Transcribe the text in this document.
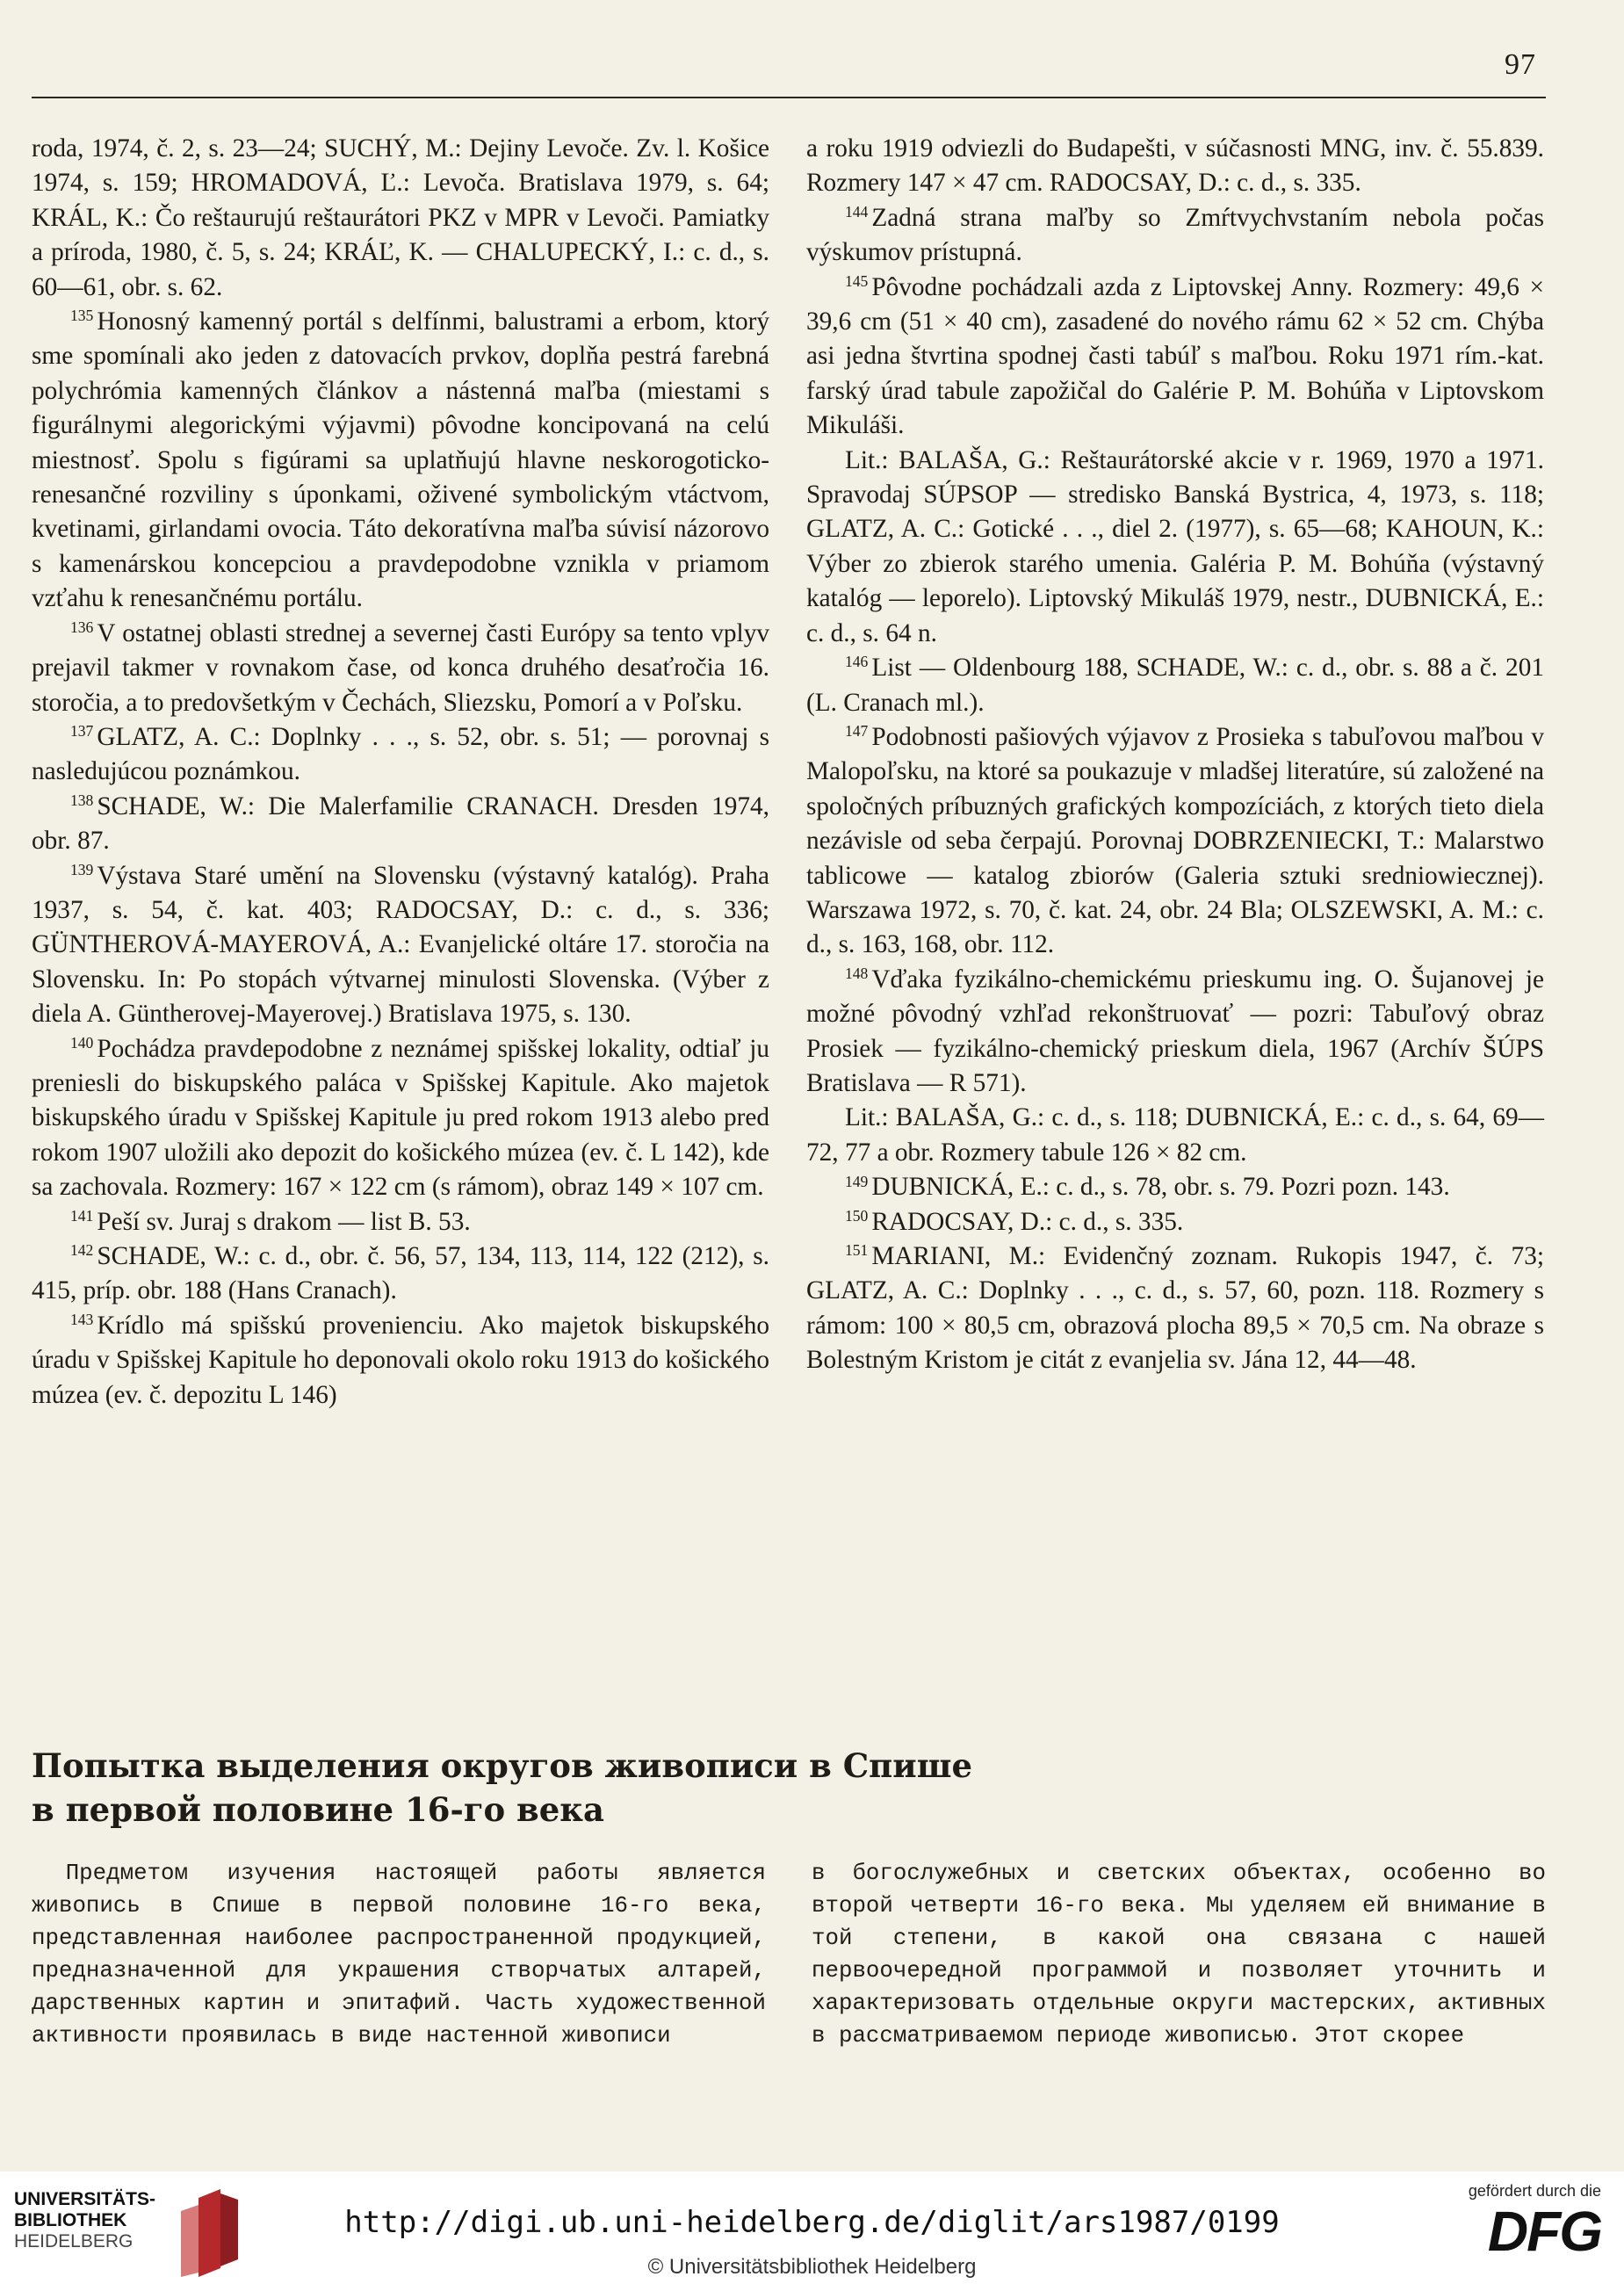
97

roda, 1974, č. 2, s. 23—24; SUCHÝ, M.: Dejiny Levoče. Zv. l. Košice 1974, s. 159; HROMADOVÁ, Ľ.: Levoča. Bratislava 1979, s. 64; KRÁL, K.: Čo reštaurujú reštaurátori PKZ v MPR v Levoči. Pamiatky a príroda, 1980, č. 5, s. 24; KRÁĽ, K. — CHALUPECKÝ, I.: c. d., s. 60—61, obr. s. 62.

$^{135}$ Honosný kamenný portál s delfínmi, balustrami a erbom, ktorý sme spomínali ako jeden z datovacích prvkov, doplňa pestrá farebná polychrómia kamenných článkov a nástenná maľba (miestami s figurálnymi alegorickými výjavmi) pôvodne koncipovaná na celú miestnosť. Spolu s figúrami sa uplatňujú hlavne neskorogoticko-renesančné rozviliny s úponkami, oživené symbolickým vtáctvom, kvetinami, girlandami ovocia. Táto dekoratívna maľba súvisí názorovo s kamenárskou koncepciou a pravdepodobne vznikla v priamom vzťahu k renesančnému portálu.

$^{136}$ V ostatnej oblasti strednej a severnej časti Európy sa tento vplyv prejavil takmer v rovnakom čase, od konca druhého desaťročia 16. storočia, a to predovšetkým v Čechách, Sliezsku, Pomorí a v Poľsku.

$^{137}$ GLATZ, A. C.: Doplnky . . ., s. 52, obr. s. 51; — porovnaj s nasledujúcou poznámkou.

$^{138}$ SCHADE, W.: Die Malerfamilie CRANACH. Dresden 1974, obr. 87.

$^{139}$ Výstava Staré umění na Slovensku (výstavný katalóg). Praha 1937, s. 54, č. kat. 403; RADOCSAY, D.: c. d., s. 336; GÜNTHEROVÁ-MAYEROVÁ, A.: Evanjelické oltáre 17. storočia na Slovensku. In: Po stopách výtvarnej minulosti Slovenska. (Výber z diela A. Güntherovej-Mayerovej.) Bratislava 1975, s. 130.

$^{140}$ Pochádza pravdepodobne z neznámej spišskej lokality, odtiaľ ju preniesli do biskupského paláca v Spišskej Kapitule. Ako majetok biskupského úradu v Spišskej Kapitule ju pred rokom 1913 alebo pred rokom 1907 uložili ako depozit do košického múzea (ev. č. L 142), kde sa zachovala. Rozmery: 167 × 122 cm (s rámom), obraz 149 × 107 cm.

$^{141}$ Peší sv. Juraj s drakom — list B. 53.

$^{142}$ SCHADE, W.: c. d., obr. č. 56, 57, 134, 113, 114, 122 (212), s. 415, príp. obr. 188 (Hans Cranach).

$^{143}$ Krídlo má spišskú provenienciu. Ako majetok biskupského úradu v Spišskej Kapitule ho deponovali okolo roku 1913 do košického múzea (ev. č. depozitu L 146)

a roku 1919 odviezli do Budapešti, v súčasnosti MNG, inv. č. 55.839. Rozmery 147 × 47 cm. RADOCSAY, D.: c. d., s. 335.

$^{144}$ Zadná strana maľby so Zmŕtvychvstaním nebola počas výskumov prístupná.

$^{145}$ Pôvodne pochádzali azda z Liptovskej Anny. Rozmery: 49,6 × 39,6 cm (51 × 40 cm), zasadené do nového rámu 62 × 52 cm. Chýba asi jedna štvrtina spodnej časti tabúľ s maľbou. Roku 1971 rím.-kat. farský úrad tabule zapožičal do Galérie P. M. Bohúňa v Liptovskom Mikuláši.

Lit.: BALAŠA, G.: Reštaurátorské akcie v r. 1969, 1970 a 1971. Spravodaj SÚPSOP — stredisko Banská Bystrica, 4, 1973, s. 118; GLATZ, A. C.: Gotické . . ., diel 2. (1977), s. 65—68; KAHOUN, K.: Výber zo zbierok starého umenia. Galéria P. M. Bohúňa (výstavný katalóg — leporelo). Liptovský Mikuláš 1979, nestr., DUBNICKÁ, E.: c. d., s. 64 n.

$^{146}$ List — Oldenbourg 188, SCHADE, W.: c. d., obr. s. 88 a č. 201 (L. Cranach ml.).

$^{147}$ Podobnosti pašiových výjavov z Prosieka s tabuľovou maľbou v Malopoľsku, na ktoré sa poukazuje v mladšej literatúre, sú založené na spoločných príbuzných grafických kompozíciách, z ktorých tieto diela nezávisle od seba čerpajú. Porovnaj DOBRZENIECKI, T.: Malarstwo tablicowe — katalog zbiorów (Galeria sztuki sredniowiecznej). Warszawa 1972, s. 70, č. kat. 24, obr. 24 Bla; OLSZEWSKI, A. M.: c. d., s. 163, 168, obr. 112.

$^{148}$ Vďaka fyzikálno-chemickému prieskumu ing. O. Šujanovej je možné pôvodný vzhľad rekonštruovať — pozri: Tabuľový obraz Prosiek — fyzikálno-chemický prieskum diela, 1967 (Archív ŠÚPS Bratislava — R 571).

Lit.: BALAŠA, G.: c. d., s. 118; DUBNICKÁ, E.: c. d., s. 64, 69—72, 77 a obr. Rozmery tabule 126 × 82 cm.

$^{149}$ DUBNICKÁ, E.: c. d., s. 78, obr. s. 79. Pozri pozn. 143.

$^{150}$ RADOCSAY, D.: c. d., s. 335.

$^{151}$ MARIANI, M.: Evidenčný zoznam. Rukopis 1947, č. 73; GLATZ, A. C.: Doplnky . . ., c. d., s. 57, 60, pozn. 118. Rozmery s rámom: 100 × 80,5 cm, obrazová plocha 89,5 × 70,5 cm. Na obraze s Bolestným Kristom je citát z evanjelia sv. Jána 12, 44—48.

Попытка выделения округов живописи в Спише

в первой половине 16-го века

Предметом изучения настоящей работы является живопись в Спише в первой половине 16-го века, представленная наиболее распространенной продукцией, предназначенной для украшения створчатых алтарей, дарственных картин и эпитафий. Часть художественной активности проявилась в виде настенной живописи

в богослужебных и светских объектах, особенно во второй четверти 16-го века. Мы уделяем ей внимание в той степени, в какой она связана с нашей первоочередной программой и позволяет уточнить и характеризовать отдельные округи мастерских, активных в рассматриваемом периоде живописью. Этот скорее

UNIVERSITÄTS-
BIBLIOTHEK
HEIDELBERG
http://digi.ub.uni-heidelberg.de/diglit/ars1987/0199
© Universitätsbibliothek Heidelberg
gefördert durch die
DFG
